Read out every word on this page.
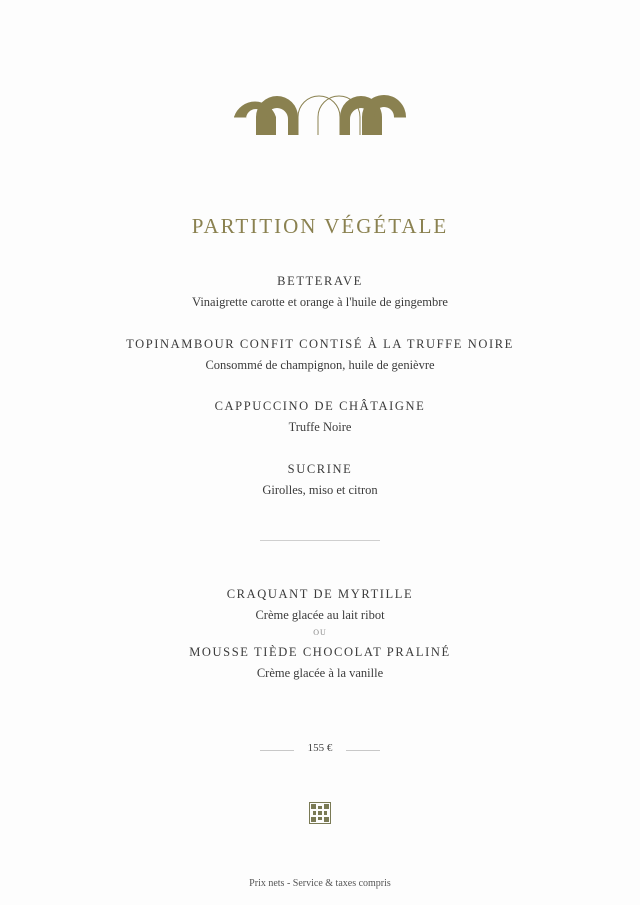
PARTITION VÉGÉTALE
BETTERAVE
Vinaigrette carotte et orange à l'huile de gingembre
TOPINAMBOUR CONFIT CONTISÉ À LA TRUFFE NOIRE
Consommé de champignon, huile de genièvre
CAPPUCCINO DE CHÂTAIGNE
Truffe Noire
SUCRINE
Girolles, miso et citron
CRAQUANT DE MYRTILLE
Crème glacée au lait ribot
OU
MOUSSE TIÈDE CHOCOLAT PRALINÉ
Crème glacée à la vanille
155 €
Prix nets - Service & taxes compris
